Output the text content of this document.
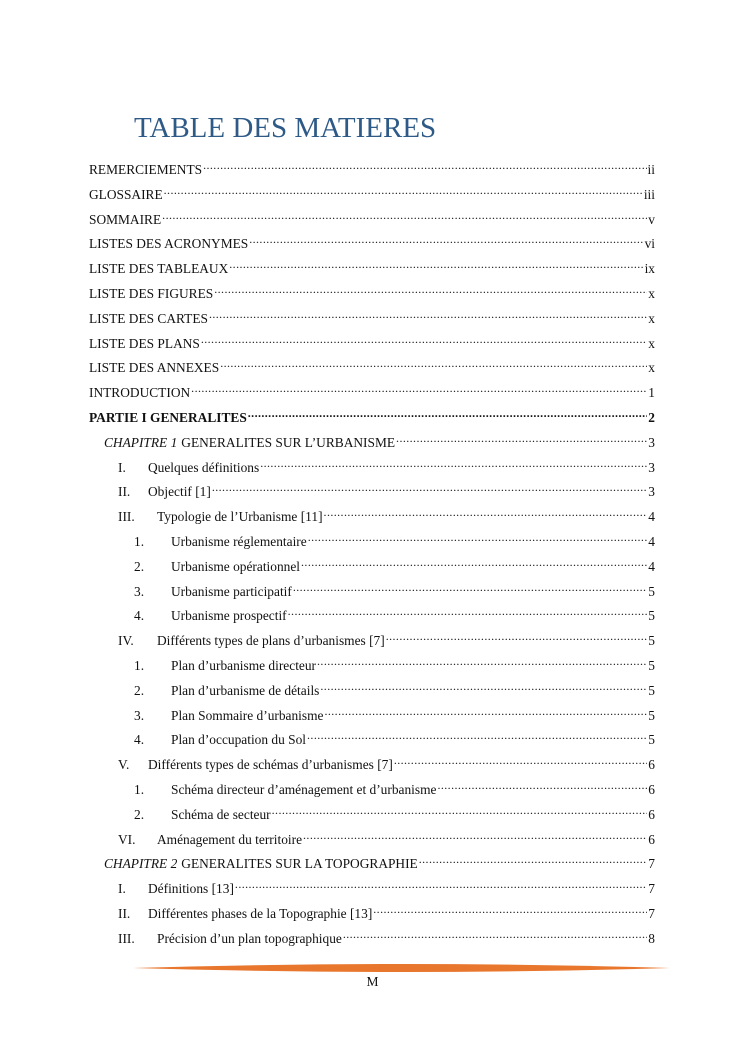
TABLE DES MATIERES
REMERCIEMENTS .....	ii
GLOSSAIRE .....	iii
SOMMAIRE .....	v
LISTES DES ACRONYMES .....	vi
LISTE DES TABLEAUX .....	ix
LISTE DES FIGURES .....	x
LISTE DES CARTES .....	x
LISTE DES PLANS .....	x
LISTE DES ANNEXES .....	x
INTRODUCTION .....	1
PARTIE I GENERALITES .....	2
CHAPITRE 1 GENERALITES SUR L’URBANISME .....	3
I.	Quelques définitions .....	3
II.	Objectif [1] .....	3
III.	Typologie de l’Urbanisme [11] .....	4
1.	Urbanisme réglementaire .....	4
2.	Urbanisme opérationnel .....	4
3.	Urbanisme participatif .....	5
4.	Urbanisme prospectif .....	5
IV.	Différents types de plans d’urbanismes [7] .....	5
1.	Plan d’urbanisme directeur .....	5
2.	Plan d’urbanisme de détails .....	5
3.	Plan Sommaire d’urbanisme .....	5
4.	Plan d’occupation du Sol .....	5
V.	Différents types de schémas d’urbanismes [7] .....	6
1.	Schéma directeur d’aménagement et d’urbanisme .....	6
2.	Schéma de secteur .....	6
VI.	Aménagement du territoire .....	6
CHAPITRE 2 GENERALITES SUR LA TOPOGRAPHIE .....	7
I.	Définitions [13] .....	7
II.	Différentes phases de la Topographie [13] .....	7
III.	Précision d’un plan topographique .....	8
M
